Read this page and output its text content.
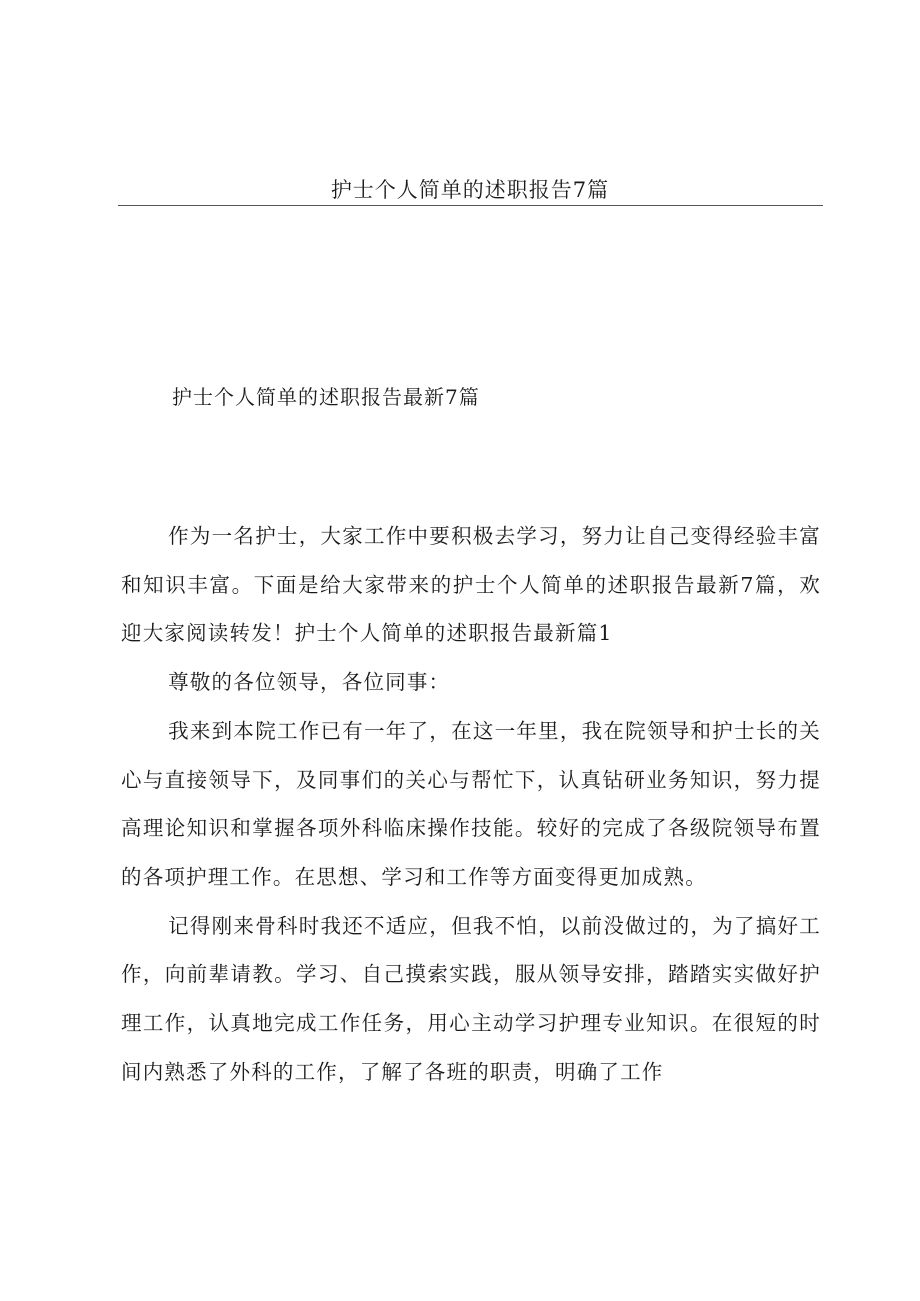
护士个人简单的述职报告7篇
护士个人简单的述职报告最新7篇

作为一名护士，大家工作中要积极去学习，努力让自己变得经验丰富和知识丰富。下面是给大家带来的护士个人简单的述职报告最新7篇，欢迎大家阅读转发！护士个人简单的述职报告最新篇1

尊敬的各位领导，各位同事：

我来到本院工作已有一年了，在这一年里，我在院领导和护士长的关心与直接领导下，及同事们的关心与帮忙下，认真钻研业务知识，努力提高理论知识和掌握各项外科临床操作技能。较好的完成了各级院领导布置的各项护理工作。在思想、学习和工作等方面变得更加成熟。

记得刚来骨科时我还不适应，但我不怕，以前没做过的，为了搞好工作，向前辈请教。学习、自己摸索实践，服从领导安排，踏踏实实做好护理工作，认真地完成工作任务，用心主动学习护理专业知识。在很短的时间内熟悉了外科的工作，了解了各班的职责，明确了工作
